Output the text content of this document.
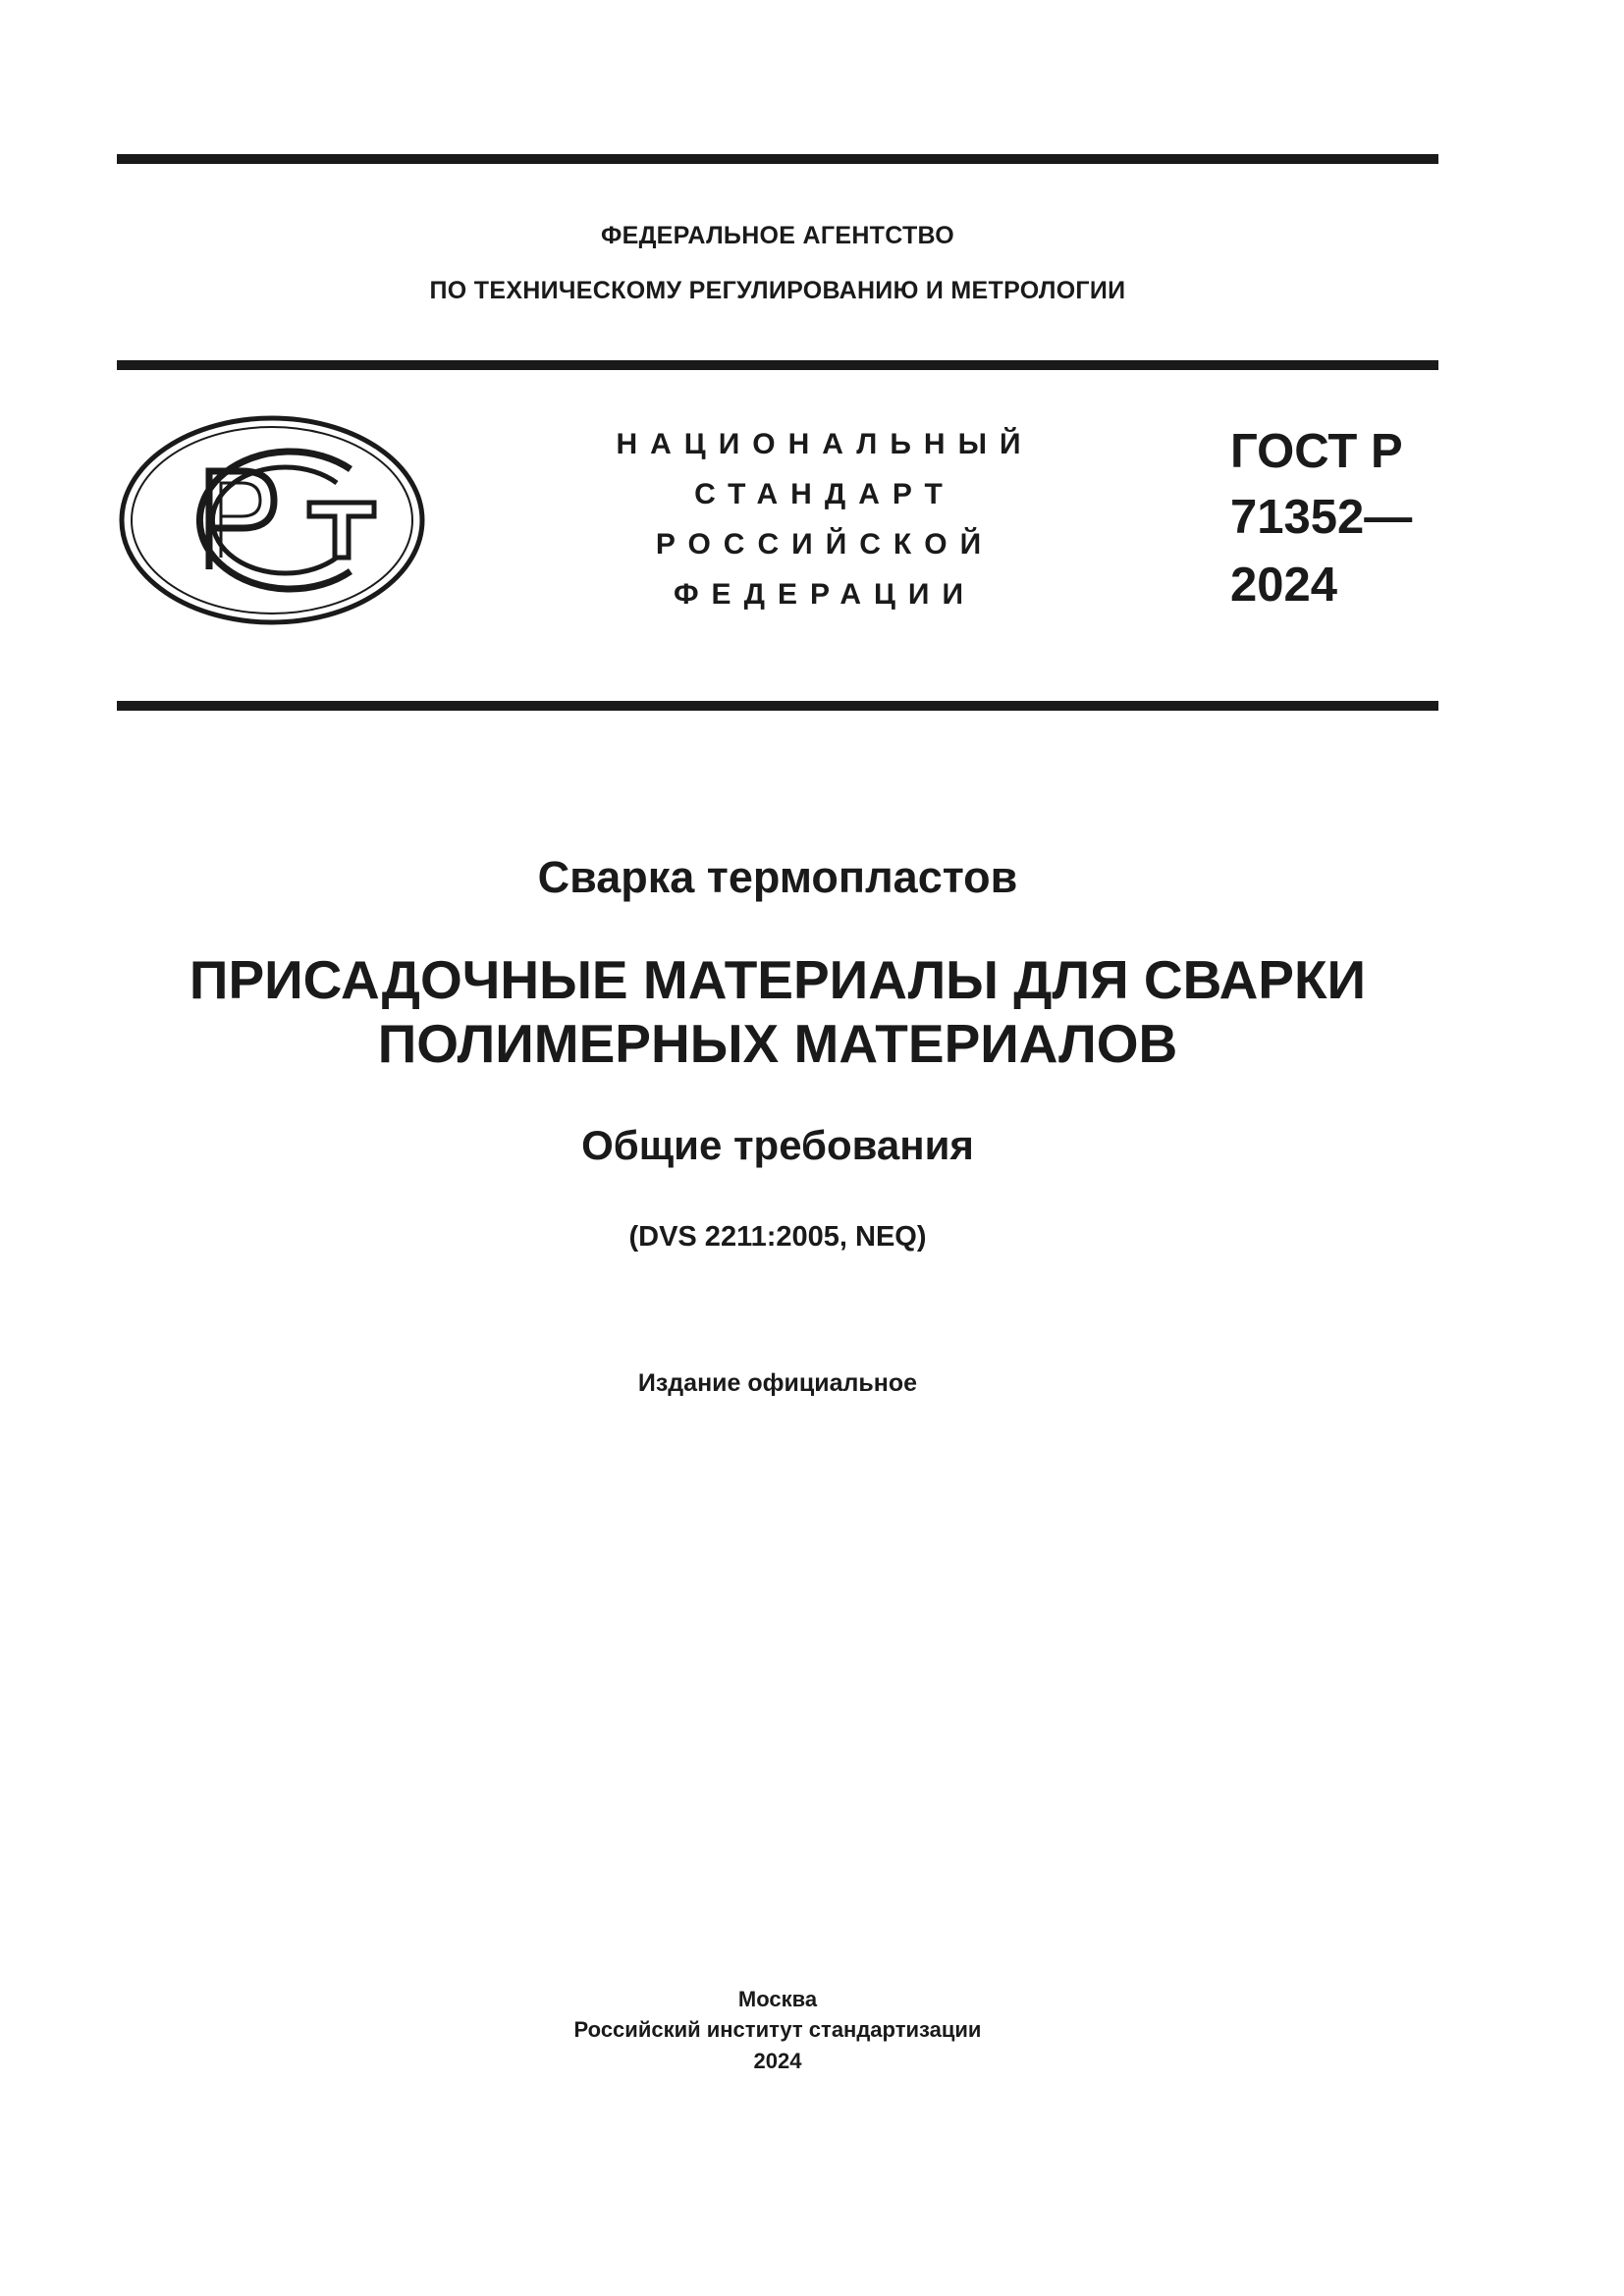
ФЕДЕРАЛЬНОЕ АГЕНТСТВО
ПО ТЕХНИЧЕСКОМУ РЕГУЛИРОВАНИЮ И МЕТРОЛОГИИ
НАЦИОНАЛЬНЫЙ
СТАНДАРТ
РОССИЙСКОЙ
ФЕДЕРАЦИИ
ГОСТ Р
71352—
2024
Сварка термопластов
ПРИСАДОЧНЫЕ МАТЕРИАЛЫ ДЛЯ СВАРКИ
ПОЛИМЕРНЫХ МАТЕРИАЛОВ
Общие требования
(DVS 2211:2005, NEQ)
Издание официальное
Москва
Российский институт стандартизации
2024
